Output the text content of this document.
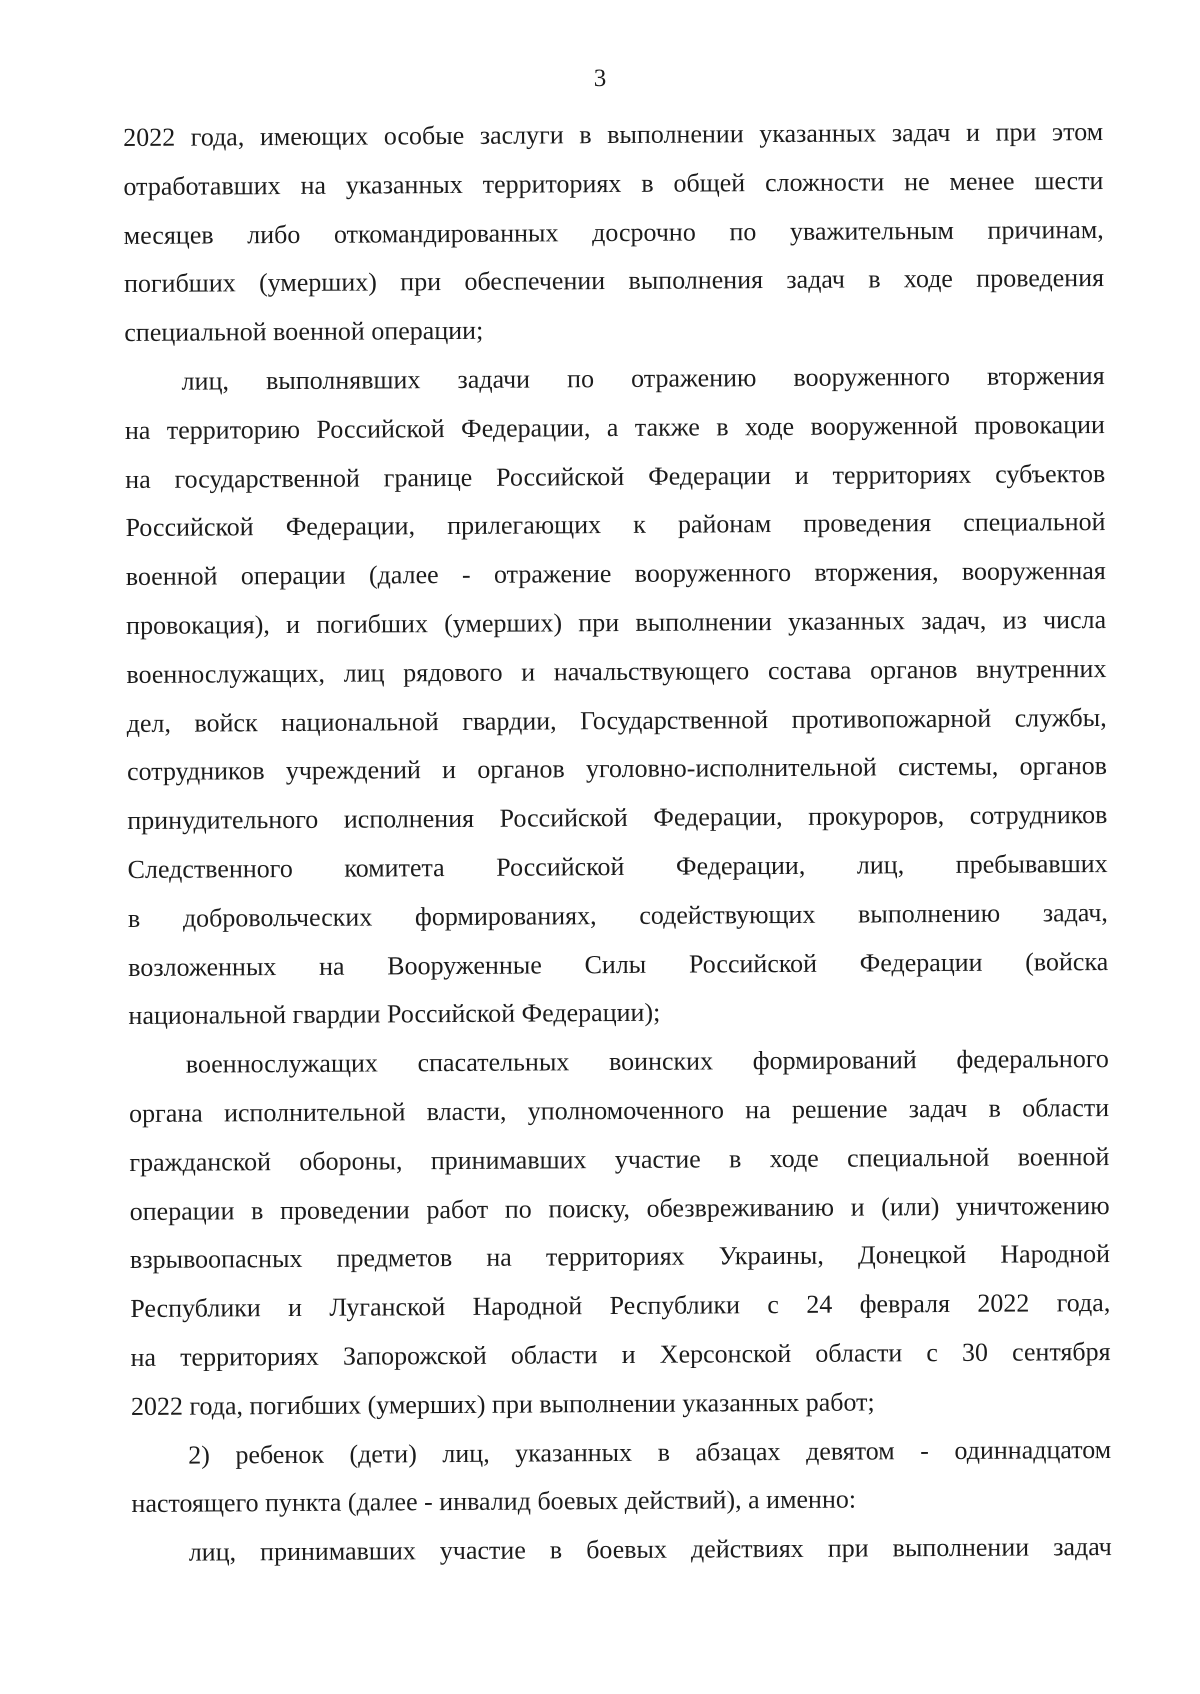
3
2022 года, имеющих особые заслуги в выполнении указанных задач и при этом
отработавших на указанных территориях в общей сложности не менее шести
месяцев либо откомандированных досрочно по уважительным причинам,
погибших (умерших) при обеспечении выполнения задач в ходе проведения
специальной военной операции;
лиц, выполнявших задачи по отражению вооруженного вторжения
на территорию Российской Федерации, а также в ходе вооруженной провокации
на государственной границе Российской Федерации и территориях субъектов
Российской Федерации, прилегающих к районам проведения специальной
военной операции (далее - отражение вооруженного вторжения, вооруженная
провокация), и погибших (умерших) при выполнении указанных задач, из числа
военнослужащих, лиц рядового и начальствующего состава органов внутренних
дел, войск национальной гвардии, Государственной противопожарной службы,
сотрудников учреждений и органов уголовно-исполнительной системы, органов
принудительного исполнения Российской Федерации, прокуроров, сотрудников
Следственного комитета Российской Федерации, лиц, пребывавших
в добровольческих формированиях, содействующих выполнению задач,
возложенных на Вооруженные Силы Российской Федерации (войска
национальной гвардии Российской Федерации);
военнослужащих спасательных воинских формирований федерального
органа исполнительной власти, уполномоченного на решение задач в области
гражданской обороны, принимавших участие в ходе специальной военной
операции в проведении работ по поиску, обезвреживанию и (или) уничтожению
взрывоопасных предметов на территориях Украины, Донецкой Народной
Республики и Луганской Народной Республики с 24 февраля 2022 года,
на территориях Запорожской области и Херсонской области с 30 сентября
2022 года, погибших (умерших) при выполнении указанных работ;
2) ребенок (дети) лиц, указанных в абзацах девятом - одиннадцатом
настоящего пункта (далее - инвалид боевых действий), а именно:
лиц, принимавших участие в боевых действиях при выполнении задач
